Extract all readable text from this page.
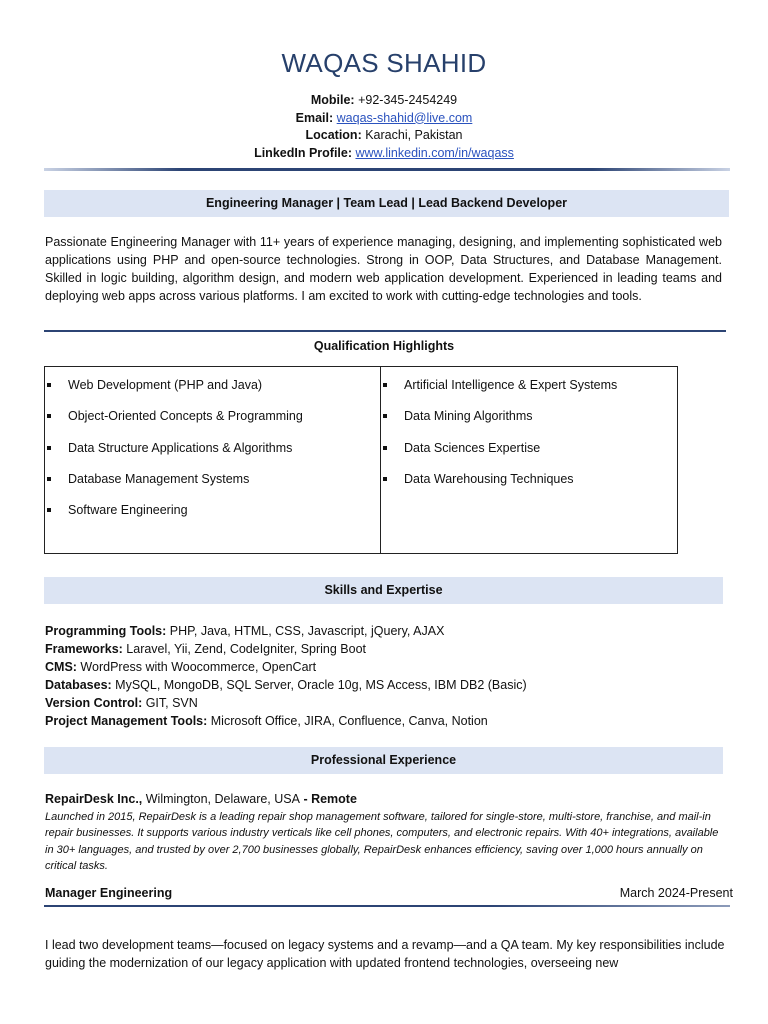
WAQAS SHAHID
Mobile: +92-345-2454249
Email: waqas-shahid@live.com
Location: Karachi, Pakistan
LinkedIn Profile: www.linkedin.com/in/waqass
Engineering Manager | Team Lead | Lead Backend Developer
Passionate Engineering Manager with 11+ years of experience managing, designing, and implementing sophisticated web applications using PHP and open-source technologies. Strong in OOP, Data Structures, and Database Management. Skilled in logic building, algorithm design, and modern web application development. Experienced in leading teams and deploying web apps across various platforms. I am excited to work with cutting-edge technologies and tools.
Qualification Highlights
Web Development (PHP and Java)
Object-Oriented Concepts & Programming
Data Structure Applications & Algorithms
Database Management Systems
Software Engineering
Artificial Intelligence & Expert Systems
Data Mining Algorithms
Data Sciences Expertise
Data Warehousing Techniques
Skills and Expertise
Programming Tools: PHP, Java, HTML, CSS, Javascript, jQuery, AJAX
Frameworks: Laravel, Yii, Zend, CodeIgniter, Spring Boot
CMS: WordPress with Woocommerce, OpenCart
Databases: MySQL, MongoDB, SQL Server, Oracle 10g, MS Access, IBM DB2 (Basic)
Version Control: GIT, SVN
Project Management Tools: Microsoft Office, JIRA, Confluence, Canva, Notion
Professional Experience
RepairDesk Inc., Wilmington, Delaware, USA - Remote
Launched in 2015, RepairDesk is a leading repair shop management software, tailored for single-store, multi-store, franchise, and mail-in repair businesses. It supports various industry verticals like cell phones, computers, and electronic repairs. With 40+ integrations, available in 30+ languages, and trusted by over 2,700 businesses globally, RepairDesk enhances efficiency, saving over 1,000 hours annually on critical tasks.
Manager Engineering	March 2024-Present
I lead two development teams—focused on legacy systems and a revamp—and a QA team. My key responsibilities include guiding the modernization of our legacy application with updated frontend technologies, overseeing new
